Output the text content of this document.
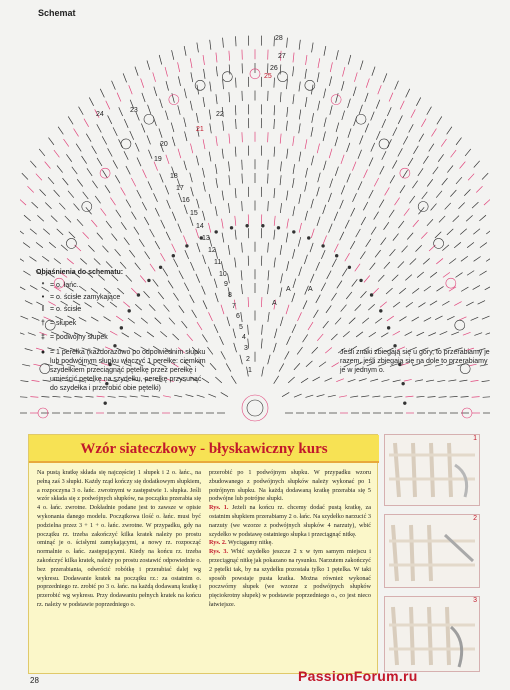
Schemat
28
27
26
25
24
23
22
21
20
19
18
17
16
15
14
13
12
11
10
9
8
7
6
5
4
3
2
1
A
A
A
Objaśnienia do schematu:
ᐤ = o. łańc.
• = o. ścisłe zamykające
I = o. ścisłe
† = słupek
‡ = podwójny słupek
● = 1 perełka (każdorazowo po odpowiednim słupku lub podwójnym słupku włączyć 1 perełkę: ciemkim szydełkiem przeciągnąć pętelkę przez perełkę i umieścić pętelkę na szydełku, perełkę przysunąć do szydełka i przerobić obie pętelki)
Jeśli znaki zbiegają się u góry, to przerabiamy je razem, jeśli zbiegają się na dole to przerabiamy je w jednym o.
Wzór siateczkowy - błyskawiczny kurs
Na pustą kratkę składa się najczęściej 1 słupek i 2 o. łańc., na pełną zaś 3 słupki. Każdy rząd kończy się dodatkowym słupkiem, a rozpoczyna 3 o. łańc. zwrotnymi w zastępstwie 1. słupka. Jeśli wzór składa się z podwójnych słupków, na początku przerabia się 4 o. łańc. zwrotne. Dokładnie podane jest to zawsze w opisie wykonania danego modelu. Początkowa ilość o. łańc. musi być podzielna przez 3 + 1 + o. łańc. zwrotne. W przypadku, gdy na początku rz. trzeba zakończyć kilka kratek należy po prostu ominąć je o. ścisłymi zamykającymi, a nowy rz. rozpocząć normalnie o. łańc. zastępującymi. Kiedy na końcu rz. trzeba zakończyć kilka kratek, należy po prostu zostawić odpowiednie o. bez przerabiania, odwrócić robótkę i przerabiać dalej wg wykresu. Dodawanie kratek na początku rz.: za ostatnim o. poprzedniego rz. zrobić po 3 o. łańc. na każdą dodawaną kratkę i przerobić wg wykresu. Przy dodawaniu pełnych kratek na końcu rz. należy w podstawie poprzedniego o.
przerobić po 1 podwójnym słupku. W przypadku wzoru zbudowanego z podwójnych słupków należy wykonać po 1 potrójnym słupku. Na każdą dodawaną kratkę przerabia się 5 podwójne lub potrójne słupki.
Rys. 1. Jeżeli na końcu rz. chcemy dodać pustą kratkę, za ostatnim słupkiem przerabiamy 2 o. łańc. Na szydełko narzucić 3 narzuty (we wzorze z podwójnych słupków 4 narzuty), wbić szydełko w podstawę ostatniego słupka i przeciągnąć nitkę.
Rys. 2. Wyciągamy nitkę.
Rys. 3. Wbić szydełko jeszcze 2 x w tym samym miejscu i przeciągnąć nitkę jak pokazano na rysunku. Narzutem zakończyć 2 pętelki tak, by na szydełku pozostała tylko 1 pętelka. W taki sposób powstaje pusta kratka. Można również wykonać poczwórny słupek (we wzorze z podwójnych słupków pięciokrotny słupek) w podstawie poprzedniego o., co jest nieco łatwiejsze.
1
2
3
28	PassionForum.ru
